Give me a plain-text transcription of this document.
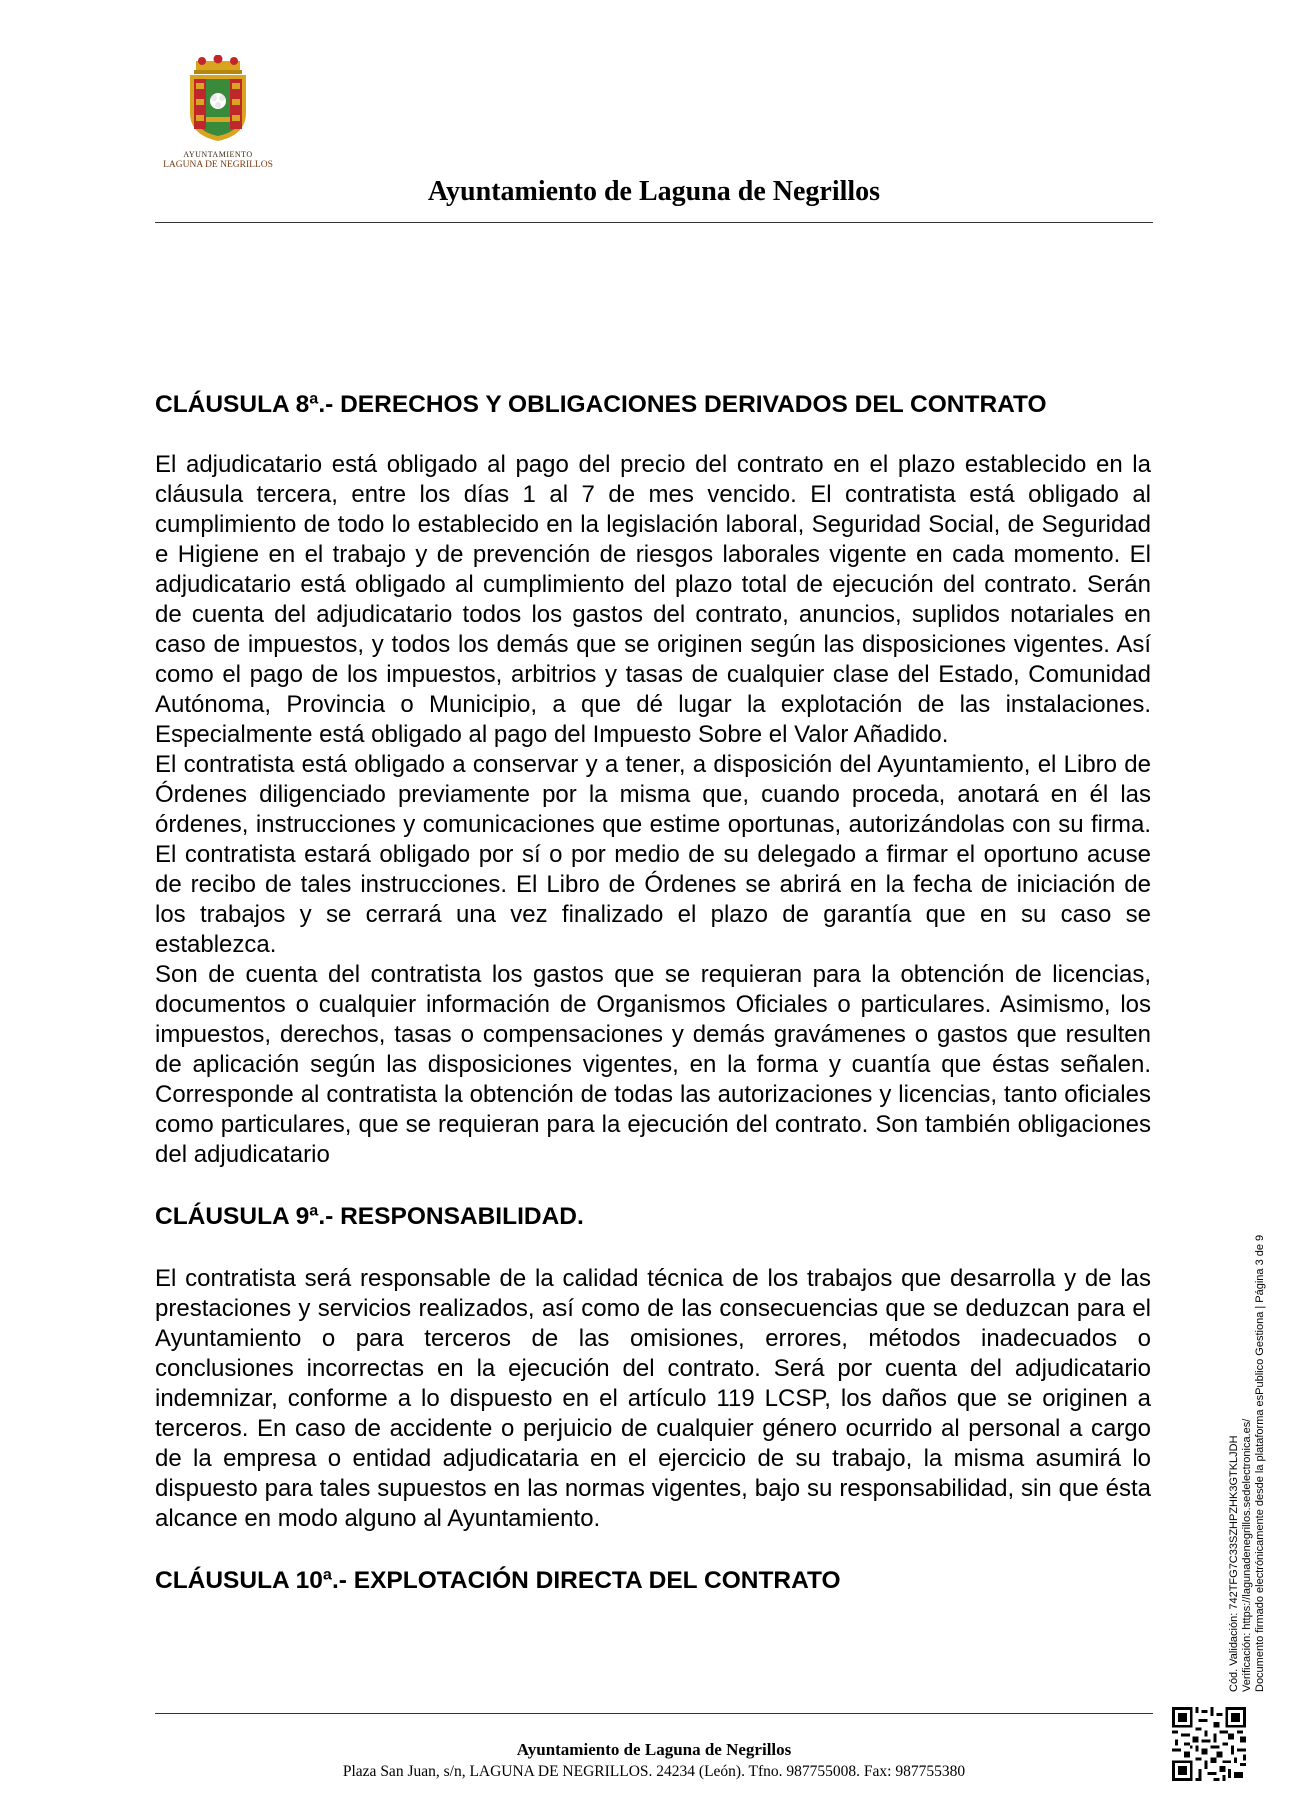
AYUNTAMIENTO
LAGUNA DE NEGRILLOS
Ayuntamiento de Laguna de Negrillos

CLÁUSULA 8ª.- DERECHOS Y OBLIGACIONES DERIVADOS DEL CONTRATO

El adjudicatario está obligado al pago del precio del contrato en el plazo establecido en la cláusula tercera, entre los días 1 al 7 de mes vencido. El contratista está obligado al cumplimiento de todo lo establecido en la legislación laboral, Seguridad Social, de Seguridad e Higiene en el trabajo y de prevención de riesgos laborales vigente en cada momento. El adjudicatario está obligado al cumplimiento del plazo total de ejecución del contrato. Serán de cuenta del adjudicatario todos los gastos del contrato, anuncios, suplidos notariales en caso de impuestos, y todos los demás que se originen según las disposiciones vigentes. Así como el pago de los impuestos, arbitrios y tasas de cualquier clase del Estado, Comunidad Autónoma, Provincia o Municipio, a que dé lugar la explotación de las instalaciones. Especialmente está obligado al pago del Impuesto Sobre el Valor Añadido.

El contratista está obligado a conservar y a tener, a disposición del Ayuntamiento, el Libro de Órdenes diligenciado previamente por la misma que, cuando proceda, anotará en él las órdenes, instrucciones y comunicaciones que estime oportunas, autorizándolas con su firma. El contratista estará obligado por sí o por medio de su delegado a firmar el oportuno acuse de recibo de tales instrucciones. El Libro de Órdenes se abrirá en la fecha de iniciación de los trabajos y se cerrará una vez finalizado el plazo de garantía que en su caso se establezca.

Son de cuenta del contratista los gastos que se requieran para la obtención de licencias, documentos o cualquier información de Organismos Oficiales o particulares. Asimismo, los impuestos, derechos, tasas o compensaciones y demás gravámenes o gastos que resulten de aplicación según las disposiciones vigentes, en la forma y cuantía que éstas señalen. Corresponde al contratista la obtención de todas las autorizaciones y licencias, tanto oficiales como particulares, que se requieran para la ejecución del contrato. Son también obligaciones del adjudicatario

CLÁUSULA 9ª.- RESPONSABILIDAD.

El contratista será responsable de la calidad técnica de los trabajos que desarrolla y de las prestaciones y servicios realizados, así como de las consecuencias que se deduzcan para el Ayuntamiento o para terceros de las omisiones, errores, métodos inadecuados o conclusiones incorrectas en la ejecución del contrato. Será por cuenta del adjudicatario indemnizar, conforme a lo dispuesto en el artículo 119 LCSP, los daños que se originen a terceros. En caso de accidente o perjuicio de cualquier género ocurrido al personal a cargo de la empresa o entidad adjudicataria en el ejercicio de su trabajo, la misma asumirá lo dispuesto para tales supuestos en las normas vigentes, bajo su responsabilidad, sin que ésta alcance en modo alguno al Ayuntamiento.

CLÁUSULA 10ª.- EXPLOTACIÓN DIRECTA DEL CONTRATO	Cód. Validación: 742TFG7C33SZHPZHK3GTKLJDH Verificación: https://lagunadenegrillos.sedelectronica.es/ Documento firmado electrónicamente desde la plataforma esPublico Gestiona | Página 3 de 9
Ayuntamiento de Laguna de Negrillos
Plaza San Juan, s/n, LAGUNA DE NEGRILLOS. 24234 (León). Tfno. 987755008. Fax: 987755380
